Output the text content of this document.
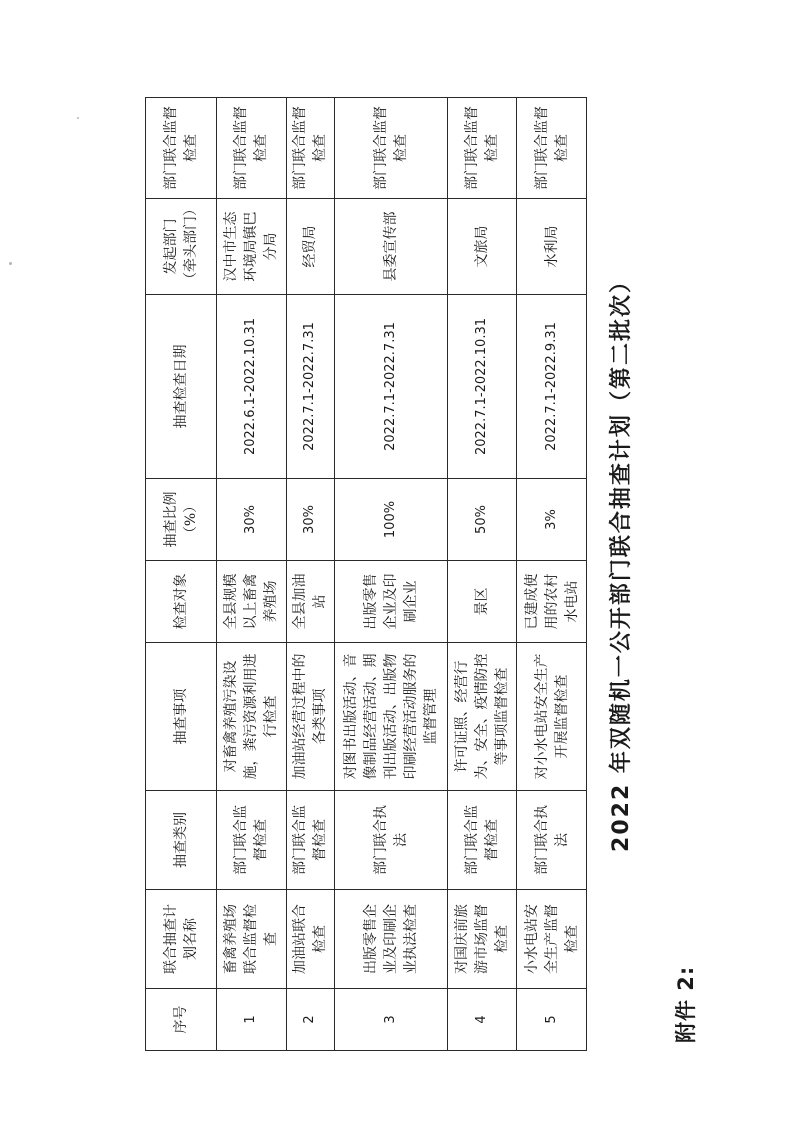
附件 2:
2022 年双随机一公开部门联合抽查计划（第二批次）
序号	联合抽查计划名称	抽查类别	抽查事项	检查对象	抽查比例（%）	抽查检查日期	发起部门（牵头部门）	部门联合监督检查
1	畜禽养殖场联合监督检查	部门联合监督检查	对畜禽养殖污染设施，粪污资源利用进行检查	全县规模以上畜禽养殖场	30%	2022.6.1-2022.10.31	汉中市生态环境局镇巴分局	部门联合监督检查
2	加油站联合检查	部门联合监督检查	加油站经营过程中的各类事项	全县加油站	30%	2022.7.1-2022.7.31	经贸局	部门联合监督检查
3	出版零售企业及印刷企业执法检查	部门联合执法	对图书出版活动、音像制品经营活动、期刊出版活动、出版物印刷经营活动服务的监督管理	出版零售企业及印刷企业	100%	2022.7.1-2022.7.31	县委宣传部	部门联合监督检查
4	对国庆前旅游市场监督检查	部门联合监督检查	许可证照、经营行为、安全、疫情防控等事项监督检查	景区	50%	2022.7.1-2022.10.31	文旅局	部门联合监督检查
5	小水电站安全生产监督检查	部门联合执法	对小水电站安全生产开展监督检查	已建成使用的农村水电站	3%	2022.7.1-2022.9.31	水利局	部门联合监督检查
